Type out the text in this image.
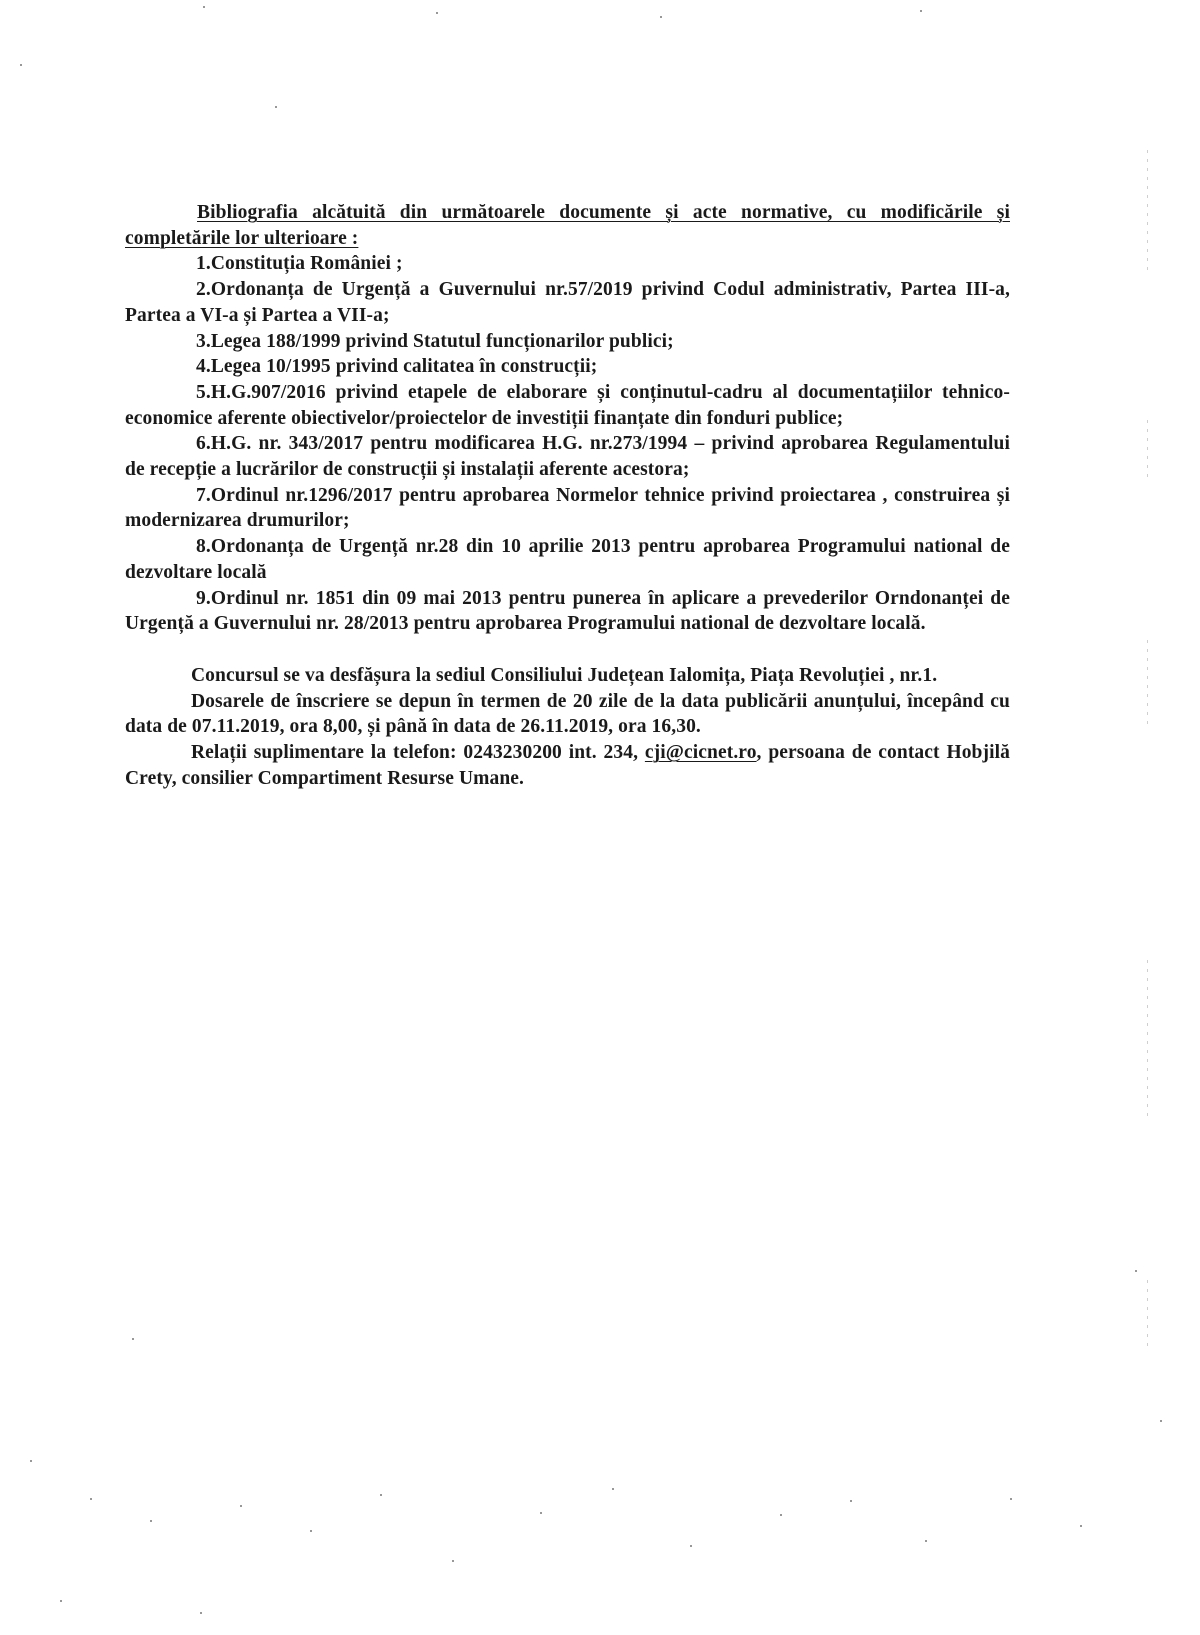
Bibliografia alcătuită din următoarele documente și acte normative, cu modificările și completările lor ulterioare :

1.Constituția României ;

2.Ordonanța de Urgență a Guvernului nr.57/2019 privind Codul administrativ, Partea III-a, Partea a VI-a și Partea a VII-a;

3.Legea 188/1999 privind Statutul funcționarilor publici;

4.Legea 10/1995 privind calitatea în construcții;

5.H.G.907/2016 privind etapele de elaborare și conținutul-cadru al documentațiilor tehnico-economice aferente obiectivelor/proiectelor de investiții finanțate din fonduri publice;

6.H.G. nr. 343/2017 pentru modificarea H.G. nr.273/1994 – privind aprobarea Regulamentului de recepție a lucrărilor de construcții și instalații aferente acestora;

7.Ordinul nr.1296/2017 pentru aprobarea Normelor tehnice privind proiectarea , construirea și modernizarea drumurilor;

8.Ordonanța de Urgență nr.28 din 10 aprilie 2013 pentru aprobarea Programului national de dezvoltare locală

9.Ordinul nr. 1851 din 09 mai 2013 pentru punerea în aplicare a prevederilor Orndonanței de Urgență a Guvernului nr. 28/2013 pentru aprobarea Programului national de dezvoltare locală.

Concursul se va desfășura la sediul Consiliului Județean Ialomița, Piața Revoluției , nr.1.

Dosarele de înscriere se depun în termen de 20 zile de la data publicării anunțului, începând cu data de 07.11.2019, ora 8,00, și până în data de 26.11.2019, ora 16,30.

Relații suplimentare la telefon: 0243230200 int. 234, cji@cicnet.ro, persoana de contact Hobjilă Crety, consilier Compartiment Resurse Umane.
